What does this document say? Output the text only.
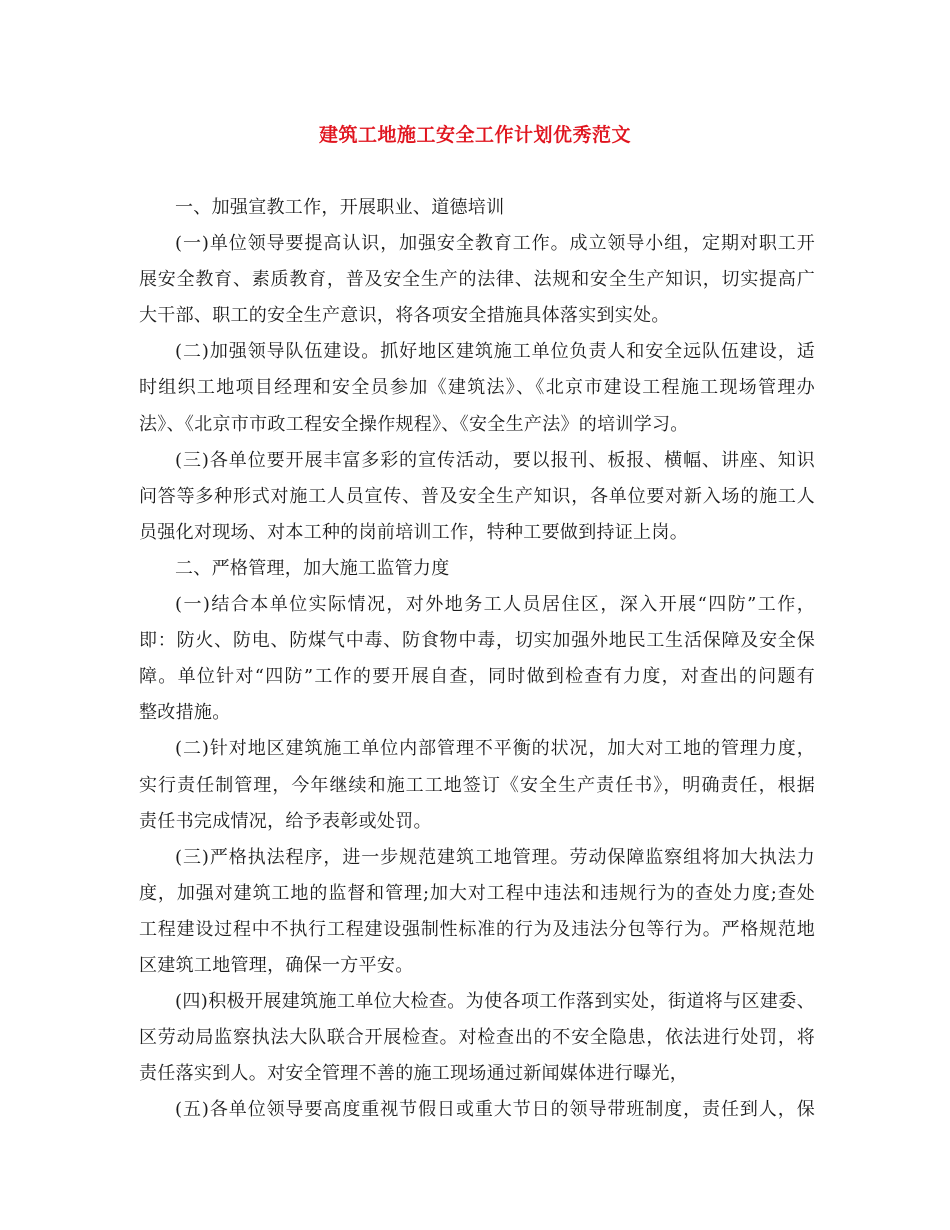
建筑工地施工安全工作计划优秀范文
一、加强宣教工作，开展职业、道德培训
(一)单位领导要提高认识，加强安全教育工作。成立领导小组，定期对职工开
展安全教育、素质教育，普及安全生产的法律、法规和安全生产知识，切实提高广
大干部、职工的安全生产意识，将各项安全措施具体落实到实处。
(二)加强领导队伍建设。抓好地区建筑施工单位负责人和安全远队伍建设，适
时组织工地项目经理和安全员参加《建筑法》、《北京市建设工程施工现场管理办
法》、《北京市市政工程安全操作规程》、《安全生产法》的培训学习。
(三)各单位要开展丰富多彩的宣传活动，要以报刊、板报、横幅、讲座、知识
问答等多种形式对施工人员宣传、普及安全生产知识，各单位要对新入场的施工人
员强化对现场、对本工种的岗前培训工作，特种工要做到持证上岗。
二、严格管理，加大施工监管力度
(一)结合本单位实际情况，对外地务工人员居住区，深入开展“四防”工作，
即：防火、防电、防煤气中毒、防食物中毒，切实加强外地民工生活保障及安全保
障。单位针对“四防”工作的要开展自查，同时做到检查有力度，对查出的问题有
整改措施。
(二)针对地区建筑施工单位内部管理不平衡的状况，加大对工地的管理力度，
实行责任制管理，今年继续和施工工地签订《安全生产责任书》，明确责任，根据
责任书完成情况，给予表彰或处罚。
(三)严格执法程序，进一步规范建筑工地管理。劳动保障监察组将加大执法力
度，加强对建筑工地的监督和管理;加大对工程中违法和违规行为的查处力度;查处
工程建设过程中不执行工程建设强制性标准的行为及违法分包等行为。严格规范地
区建筑工地管理，确保一方平安。
(四)积极开展建筑施工单位大检查。为使各项工作落到实处，街道将与区建委、
区劳动局监察执法大队联合开展检查。对检查出的不安全隐患，依法进行处罚，将
责任落实到人。对安全管理不善的施工现场通过新闻媒体进行曝光，
(五)各单位领导要高度重视节假日或重大节日的领导带班制度，责任到人，保
